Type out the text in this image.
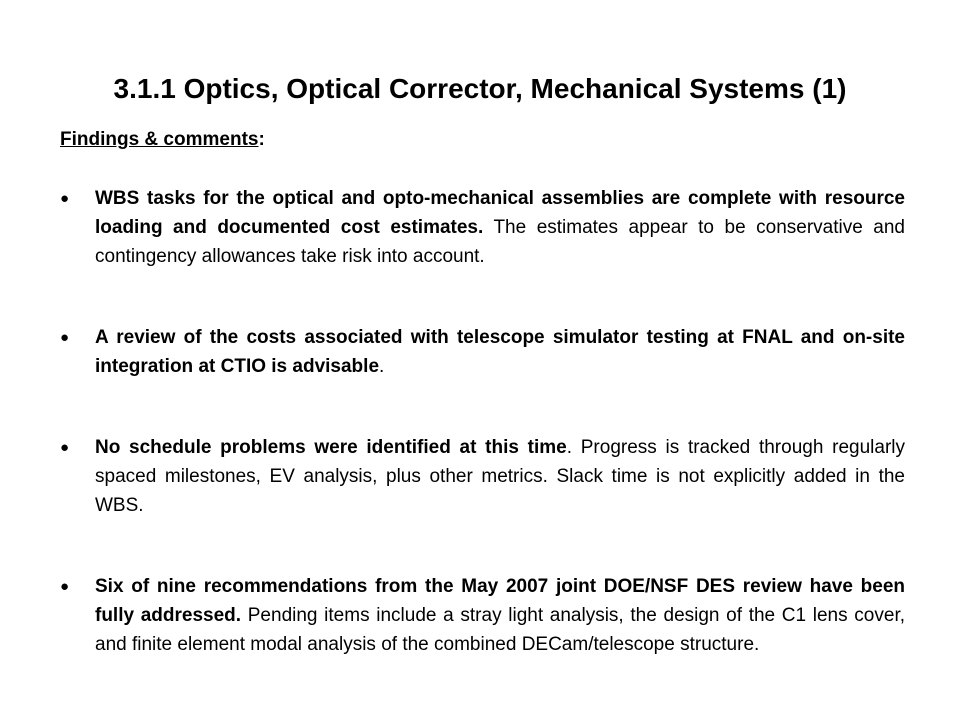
3.1.1 Optics, Optical Corrector, Mechanical Systems (1)
Findings & comments:
●	WBS tasks for the optical and opto-mechanical assemblies are complete with resource loading and documented cost estimates. The estimates appear to be conservative and contingency allowances take risk into account.
●	A review of the costs associated with telescope simulator testing at FNAL and on-site integration at CTIO is advisable.
●	No schedule problems were identified at this time. Progress is tracked through regularly spaced milestones, EV analysis, plus other metrics. Slack time is not explicitly added in the WBS.
●	Six of nine recommendations from the May 2007 joint DOE/NSF DES review have been fully addressed. Pending items include a stray light analysis, the design of the C1 lens cover, and finite element modal analysis of the combined DECam/telescope structure.
